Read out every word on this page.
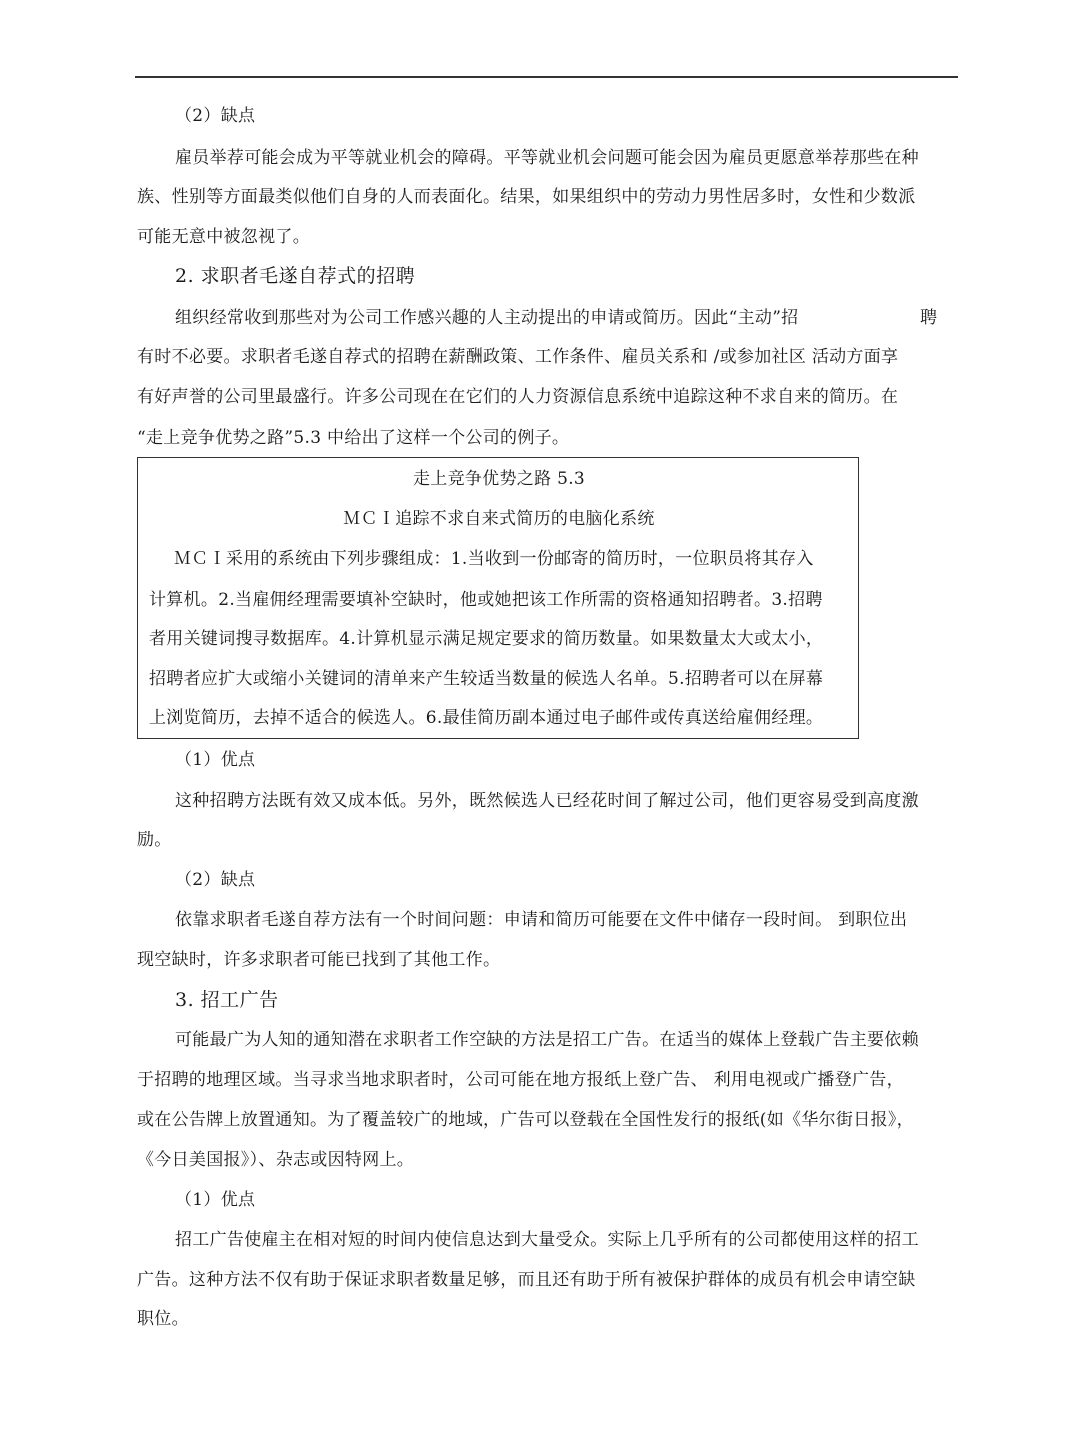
（2）缺点
雇员举荐可能会成为平等就业机会的障碍。平等就业机会问题可能会因为雇员更愿意举荐那些在种
族、性别等方面最类似他们自身的人而表面化。结果，如果组织中的劳动力男性居多时，女性和少数派
可能无意中被忽视了。
2. 求职者毛遂自荐式的招聘
组织经常收到那些对为公司工作感兴趣的人主动提出的申请或简历。因此“主动”招	聘
有时不必要。求职者毛遂自荐式的招聘在薪酬政策、工作条件、雇员关系和 /或参加社区 活动方面享
有好声誉的公司里最盛行。许多公司现在在它们的人力资源信息系统中追踪这种不求自来的简历。在
“走上竞争优势之路”5.3 中给出了这样一个公司的例子。
走上竞争优势之路 5.3
ＭＣＩ追踪不求自来式简历的电脑化系统
ＭＣＩ采用的系统由下列步骤组成：1.当收到一份邮寄的简历时，一位职员将其存入
计算机。2.当雇佣经理需要填补空缺时，他或她把该工作所需的资格通知招聘者。3.招聘
者用关键词搜寻数据库。4.计算机显示满足规定要求的简历数量。如果数量太大或太小，
招聘者应扩大或缩小关键词的清单来产生较适当数量的候选人名单。5.招聘者可以在屏幕
上浏览简历，去掉不适合的候选人。6.最佳简历副本通过电子邮件或传真送给雇佣经理。
（1）优点
这种招聘方法既有效又成本低。另外，既然候选人已经花时间了解过公司，他们更容易受到高度激
励。
（2）缺点
依靠求职者毛遂自荐方法有一个时间问题：申请和简历可能要在文件中储存一段时间。 到职位出
现空缺时，许多求职者可能已找到了其他工作。
3. 招工广告
可能最广为人知的通知潜在求职者工作空缺的方法是招工广告。在适当的媒体上登载广告主要依赖
于招聘的地理区域。当寻求当地求职者时，公司可能在地方报纸上登广告、 利用电视或广播登广告，
或在公告牌上放置通知。为了覆盖较广的地域，广告可以登载在全国性发行的报纸(如《华尔街日报》，
《今日美国报》）、杂志或因特网上。
（1）优点
招工广告使雇主在相对短的时间内使信息达到大量受众。实际上几乎所有的公司都使用这样的招工
广告。这种方法不仅有助于保证求职者数量足够，而且还有助于所有被保护群体的成员有机会申请空缺
职位。
